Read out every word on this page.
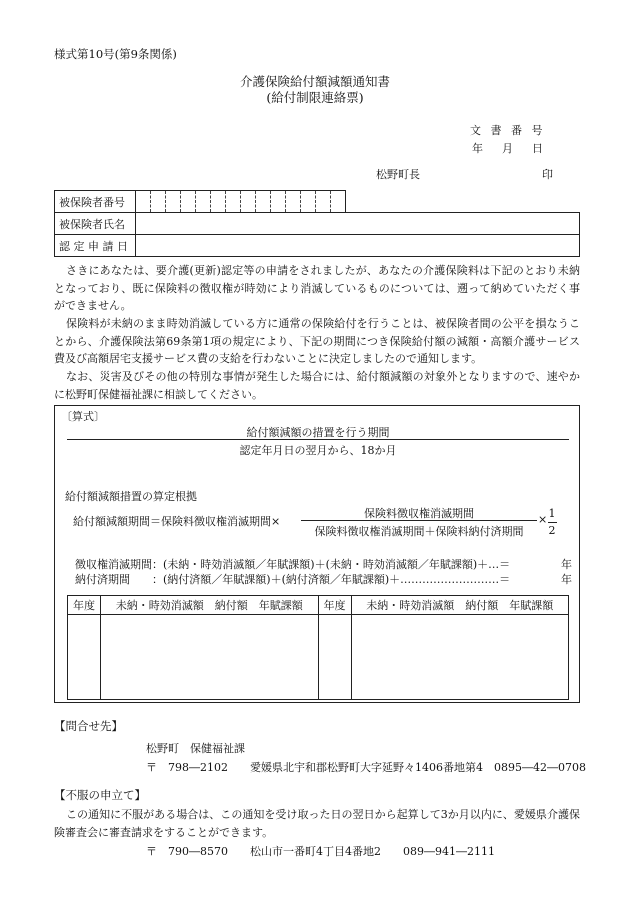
様式第10号(第9条関係)
介護保険給付額減額通知書
(給付制限連絡票)
文 書 番 号
年 月 日
松野町長	印
被保険者番号															
被保険者氏名															
認 定 申 請 日															
さきにあなたは、要介護(更新)認定等の申請をされましたが、あなたの介護保険料は下記のとおり未納となっており、既に保険料の徴収権が時効により消滅しているものについては、遡って納めていただく事ができません。
保険料が未納のまま時効消滅している方に通常の保険給付を行うことは、被保険者間の公平を損なうことから、介護保険法第69条第1項の規定により、下記の期間につき保険給付額の減額・高額介護サービス費及び高額居宅支援サービス費の支給を行わないことに決定しましたので通知します。
なお、災害及びその他の特別な事情が発生した場合には、給付額減額の対象外となりますので、速やかに松野町保健福祉課に相談してください。
〔算式〕
給付額減額の措置を行う期間
認定年月日の翌月から、18か月
給付額減額措置の算定根拠
給付額減額期間＝保険料徴収権消滅期間×
保険料徴収権消滅期間
保険料徴収権消滅期間＋保険料納付済期間
× 1
2
徴収権消滅期間：(未納・時効消滅額／年賦課額)＋(未納・時効消滅額／年賦課額)＋…＝	年
納付済期間　　：(納付済額／年賦課額)＋(納付済額／年賦課額)＋………………………＝	年
年度	未納・時効消滅額　納付額　年賦課額	年度	未納・時効消滅額　納付額　年賦課額

【問合せ先】
松野町　保健福祉課
〒　798―2102　　愛媛県北宇和郡松野町大字延野々1406番地第4　0895―42―0708
【不服の申立て】
この通知に不服がある場合は、この通知を受け取った日の翌日から起算して3か月以内に、愛媛県介護保険審査会に審査請求をすることができます。
〒　790―8570　　松山市一番町4丁目4番地2　　089―941―2111
